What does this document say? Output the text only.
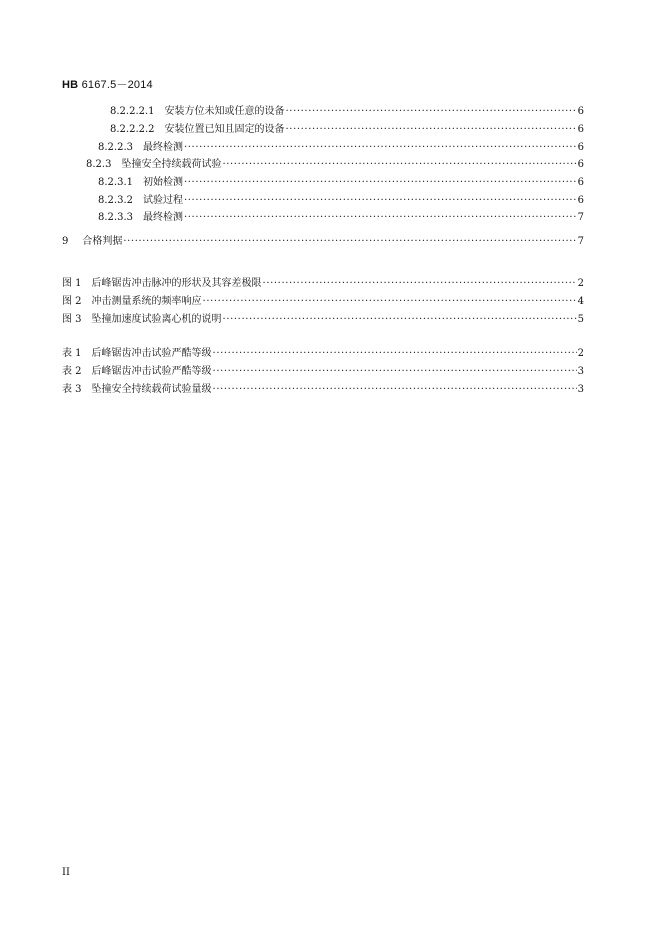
HB 6167.5－2014
8.2.2.2.1 安装方位未知或任意的设备 ·····	6
8.2.2.2.2 安装位置已知且固定的设备 ·····	6
8.2.2.3 最终检测 ·····	6
8.2.3 坠撞安全持续载荷试验 ·····	6
8.2.3.1 初始检测 ·····	6
8.2.3.2 试验过程 ·····	6
8.2.3.3 最终检测 ·····	7
9 合格判据 ·····	7
图 1 后峰锯齿冲击脉冲的形状及其容差极限 ·····	2
图 2 冲击测量系统的频率响应 ·····	4
图 3 坠撞加速度试验离心机的说明 ·····	5
表 1 后峰锯齿冲击试验严酷等级 ·····	2
表 2 后峰锯齿冲击试验严酷等级 ·····	3
表 3 坠撞安全持续载荷试验量级 ·····	3
II
